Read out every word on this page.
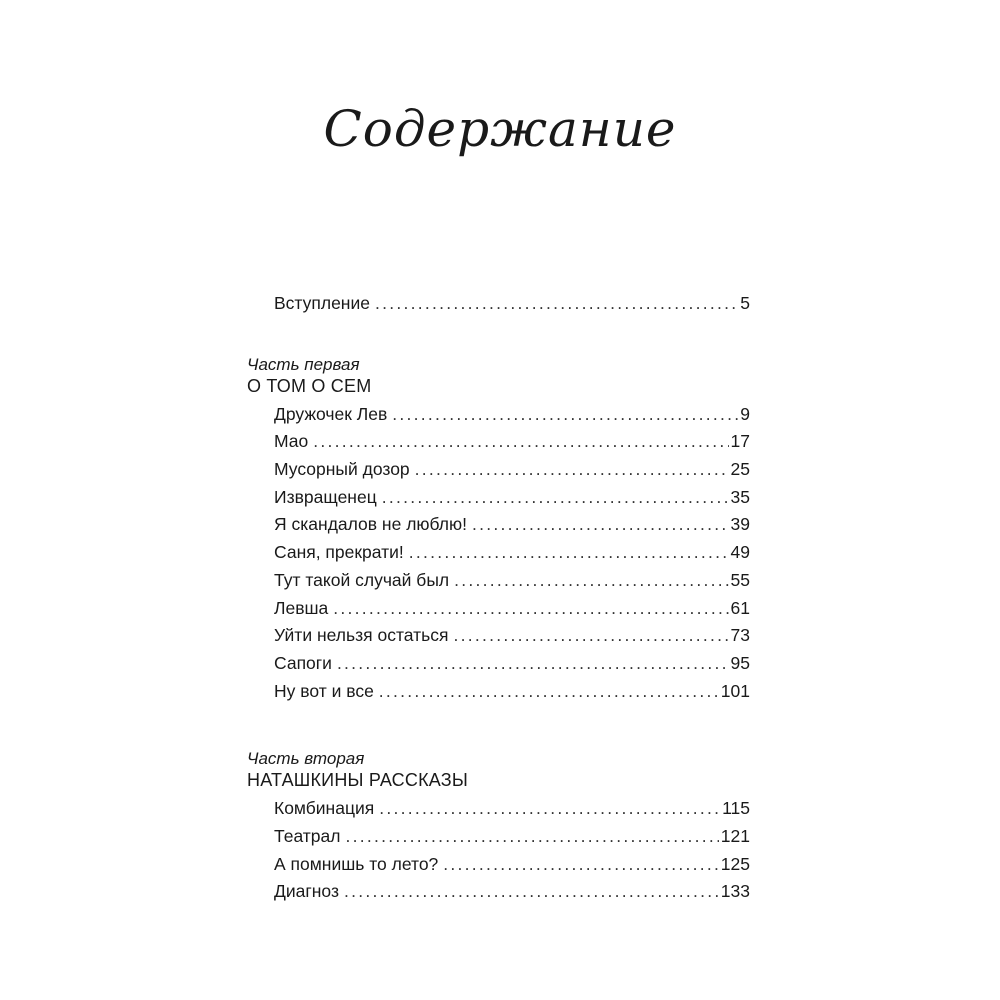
Содержание
Вступление . . .	5
Часть первая
О ТОМ О СЕМ
Дружочек Лев . . .	9
Мао . . .	17
Мусорный дозор . . .	25
Извращенец . . .	35
Я скандалов не люблю! . . .	39
Саня, прекрати! . . .	49
Тут такой случай был . . .	55
Левша . . .	61
Уйти нельзя остаться . . .	73
Сапоги . . .	95
Ну вот и все . . .	101
Часть вторая
НАТАШКИНЫ РАССКАЗЫ
Комбинация . . .	115
Театрал . . .	121
А помнишь то лето? . . .	125
Диагноз . . .	133
